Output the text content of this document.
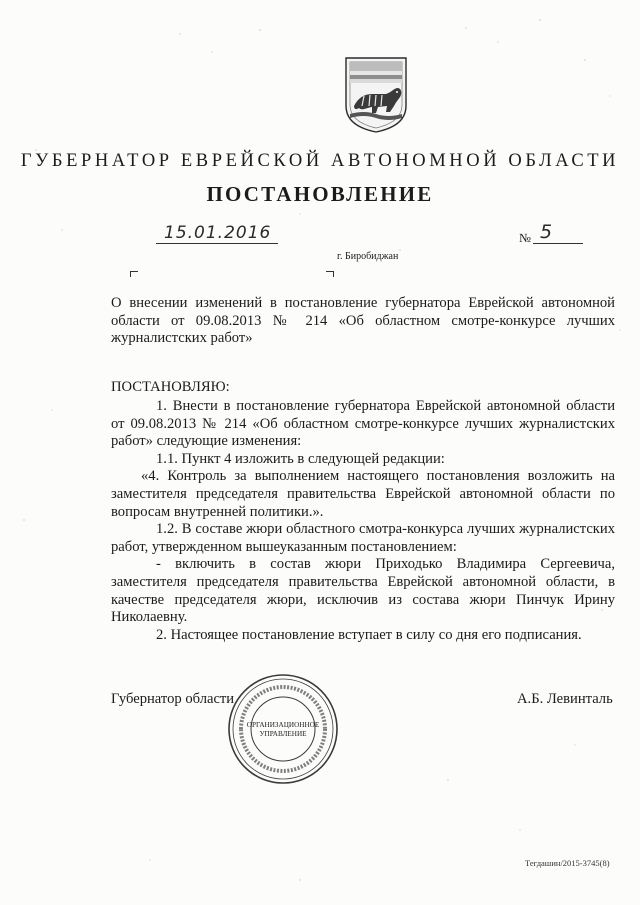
ГУБЕРНАТОР ЕВРЕЙСКОЙ АВТОНОМНОЙ ОБЛАСТИ
ПОСТАНОВЛЕНИЕ
15.01.2016	№ 5
г. Биробиджан
О внесении изменений в постановление губернатора Еврейской автономной области от 09.08.2013 № 214 «Об областном смотре-конкурсе лучших журналистских работ»
ПОСТАНОВЛЯЮ:

1. Внести в постановление губернатора Еврейской автономной области от 09.08.2013 № 214 «Об областном смотре-конкурсе лучших журналистских работ» следующие изменения:

1.1. Пункт 4 изложить в следующей редакции:

«4. Контроль за выполнением настоящего постановления возложить на заместителя председателя правительства Еврейской автономной области по вопросам внутренней политики.».

1.2. В составе жюри областного смотра-конкурса лучших журналистских работ, утвержденном вышеуказанным постановлением:

- включить в состав жюри Приходько Владимира Сергеевича, заместителя председателя правительства Еврейской автономной области, в качестве председателя жюри, исключив из состава жюри Пинчук Ирину Николаевну.

2. Настоящее постановление вступает в силу со дня его подписания.

Губернатор области	А.Б. Левинталь
ОРГАНИЗАЦИОННОЕ
УПРАВЛЕНИЕ
Тегдашин/2015-3745(8)
